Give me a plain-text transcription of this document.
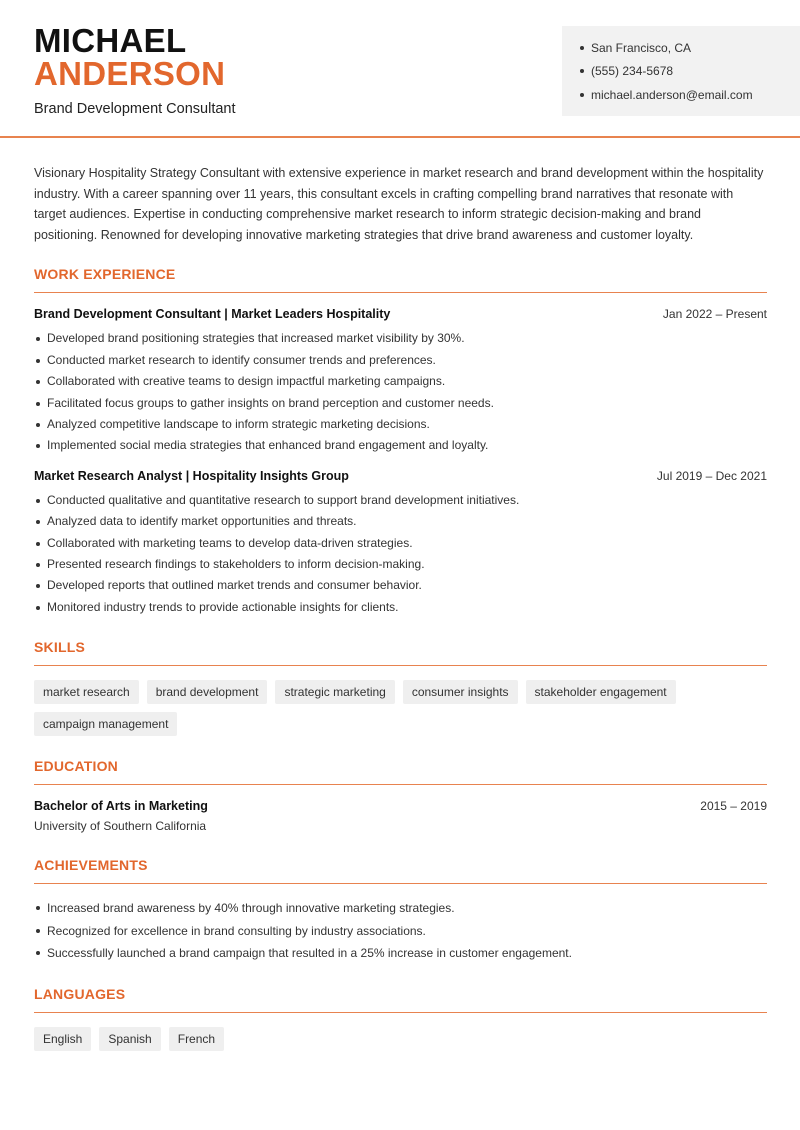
MICHAEL
ANDERSON
Brand Development Consultant
San Francisco, CA
(555) 234-5678
michael.anderson@email.com

Visionary Hospitality Strategy Consultant with extensive experience in market research and brand development within the hospitality industry. With a career spanning over 11 years, this consultant excels in crafting compelling brand narratives that resonate with target audiences. Expertise in conducting comprehensive market research to inform strategic decision-making and brand positioning. Renowned for developing innovative marketing strategies that drive brand awareness and customer loyalty.

WORK EXPERIENCE
Brand Development Consultant | Market Leaders Hospitality	Jan 2022 – Present
Developed brand positioning strategies that increased market visibility by 30%.
Conducted market research to identify consumer trends and preferences.
Collaborated with creative teams to design impactful marketing campaigns.
Facilitated focus groups to gather insights on brand perception and customer needs.
Analyzed competitive landscape to inform strategic marketing decisions.
Implemented social media strategies that enhanced brand engagement and loyalty.
Market Research Analyst | Hospitality Insights Group	Jul 2019 – Dec 2021
Conducted qualitative and quantitative research to support brand development initiatives.
Analyzed data to identify market opportunities and threats.
Collaborated with marketing teams to develop data-driven strategies.
Presented research findings to stakeholders to inform decision-making.
Developed reports that outlined market trends and consumer behavior.
Monitored industry trends to provide actionable insights for clients.
SKILLS
market research	brand development	strategic marketing	consumer insights	stakeholder engagement
campaign management
EDUCATION
Bachelor of Arts in Marketing	2015 – 2019
University of Southern California
ACHIEVEMENTS
Increased brand awareness by 40% through innovative marketing strategies.
Recognized for excellence in brand consulting by industry associations.
Successfully launched a brand campaign that resulted in a 25% increase in customer engagement.
LANGUAGES
English	Spanish	French
